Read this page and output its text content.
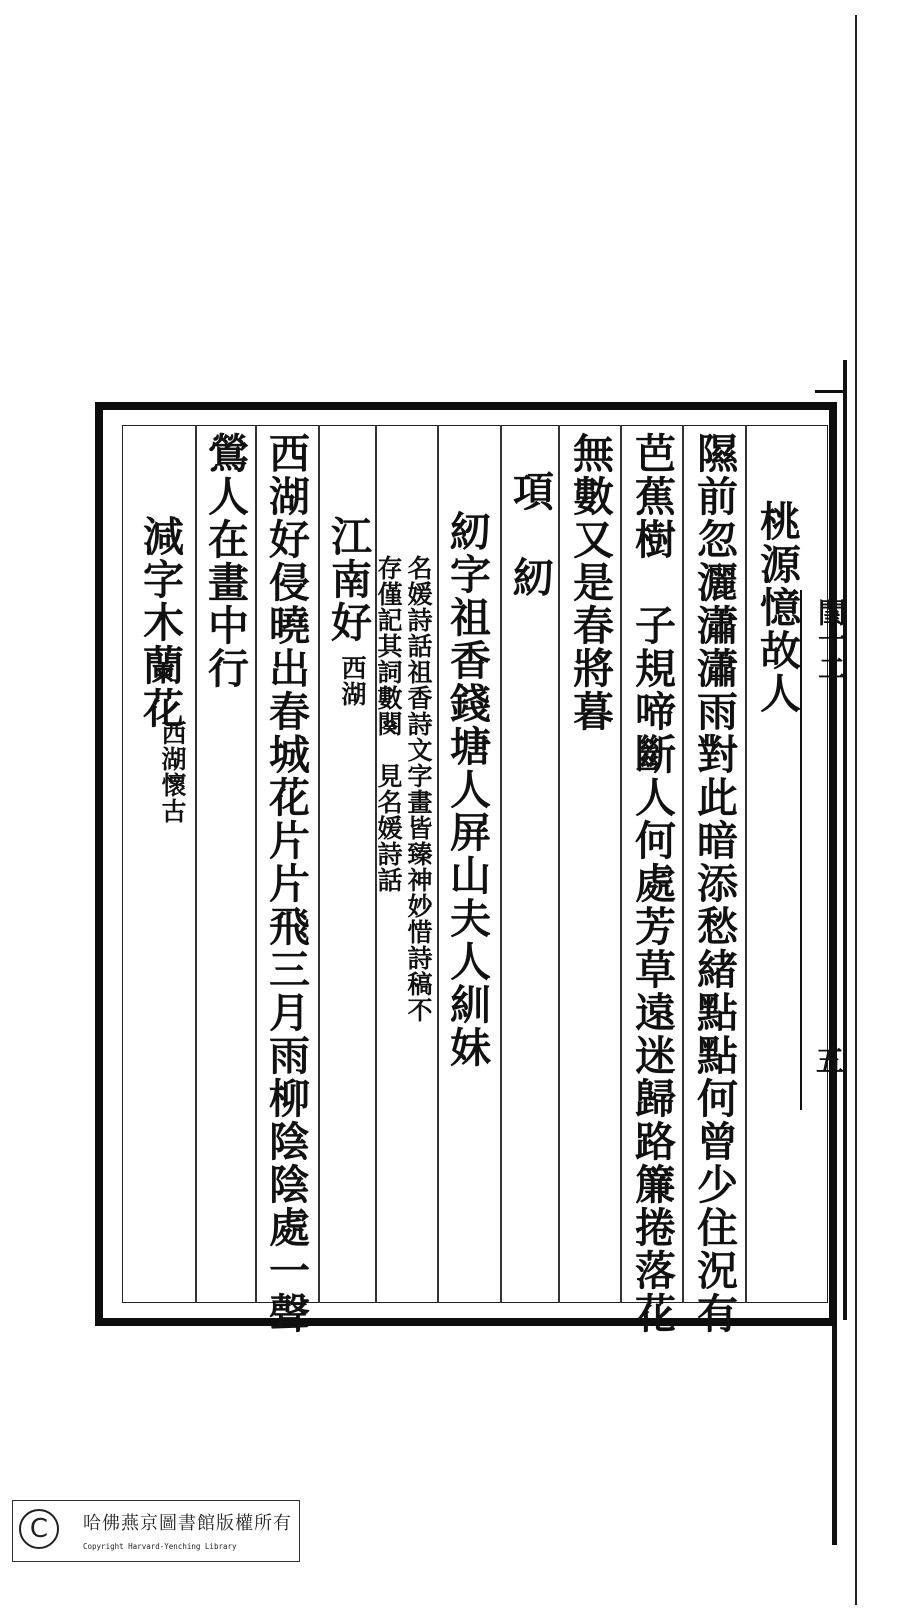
桃源憶故人
隰前忽灑瀟瀟雨對此暗添愁緒點點何曾少住況有
芭蕉樹　子規啼斷人何處芳草遠迷歸路簾捲落花
無數又是春將暮
項　紉
紉字祖香錢塘人屏山夫人紃妹
名媛詩話祖香詩文字畫皆臻神妙惜詩稿不
存僅記其詞數闋　見名媛詩話
江南好
西湖
西湖好侵曉出春城花片片飛三月雨柳陰陰處一聲
鶯人在畫中行
減字木蘭花
西湖懷古
閨十二
五
C	哈佛燕京圖書館版權所有
Copyright Harvard-Yenching Library
